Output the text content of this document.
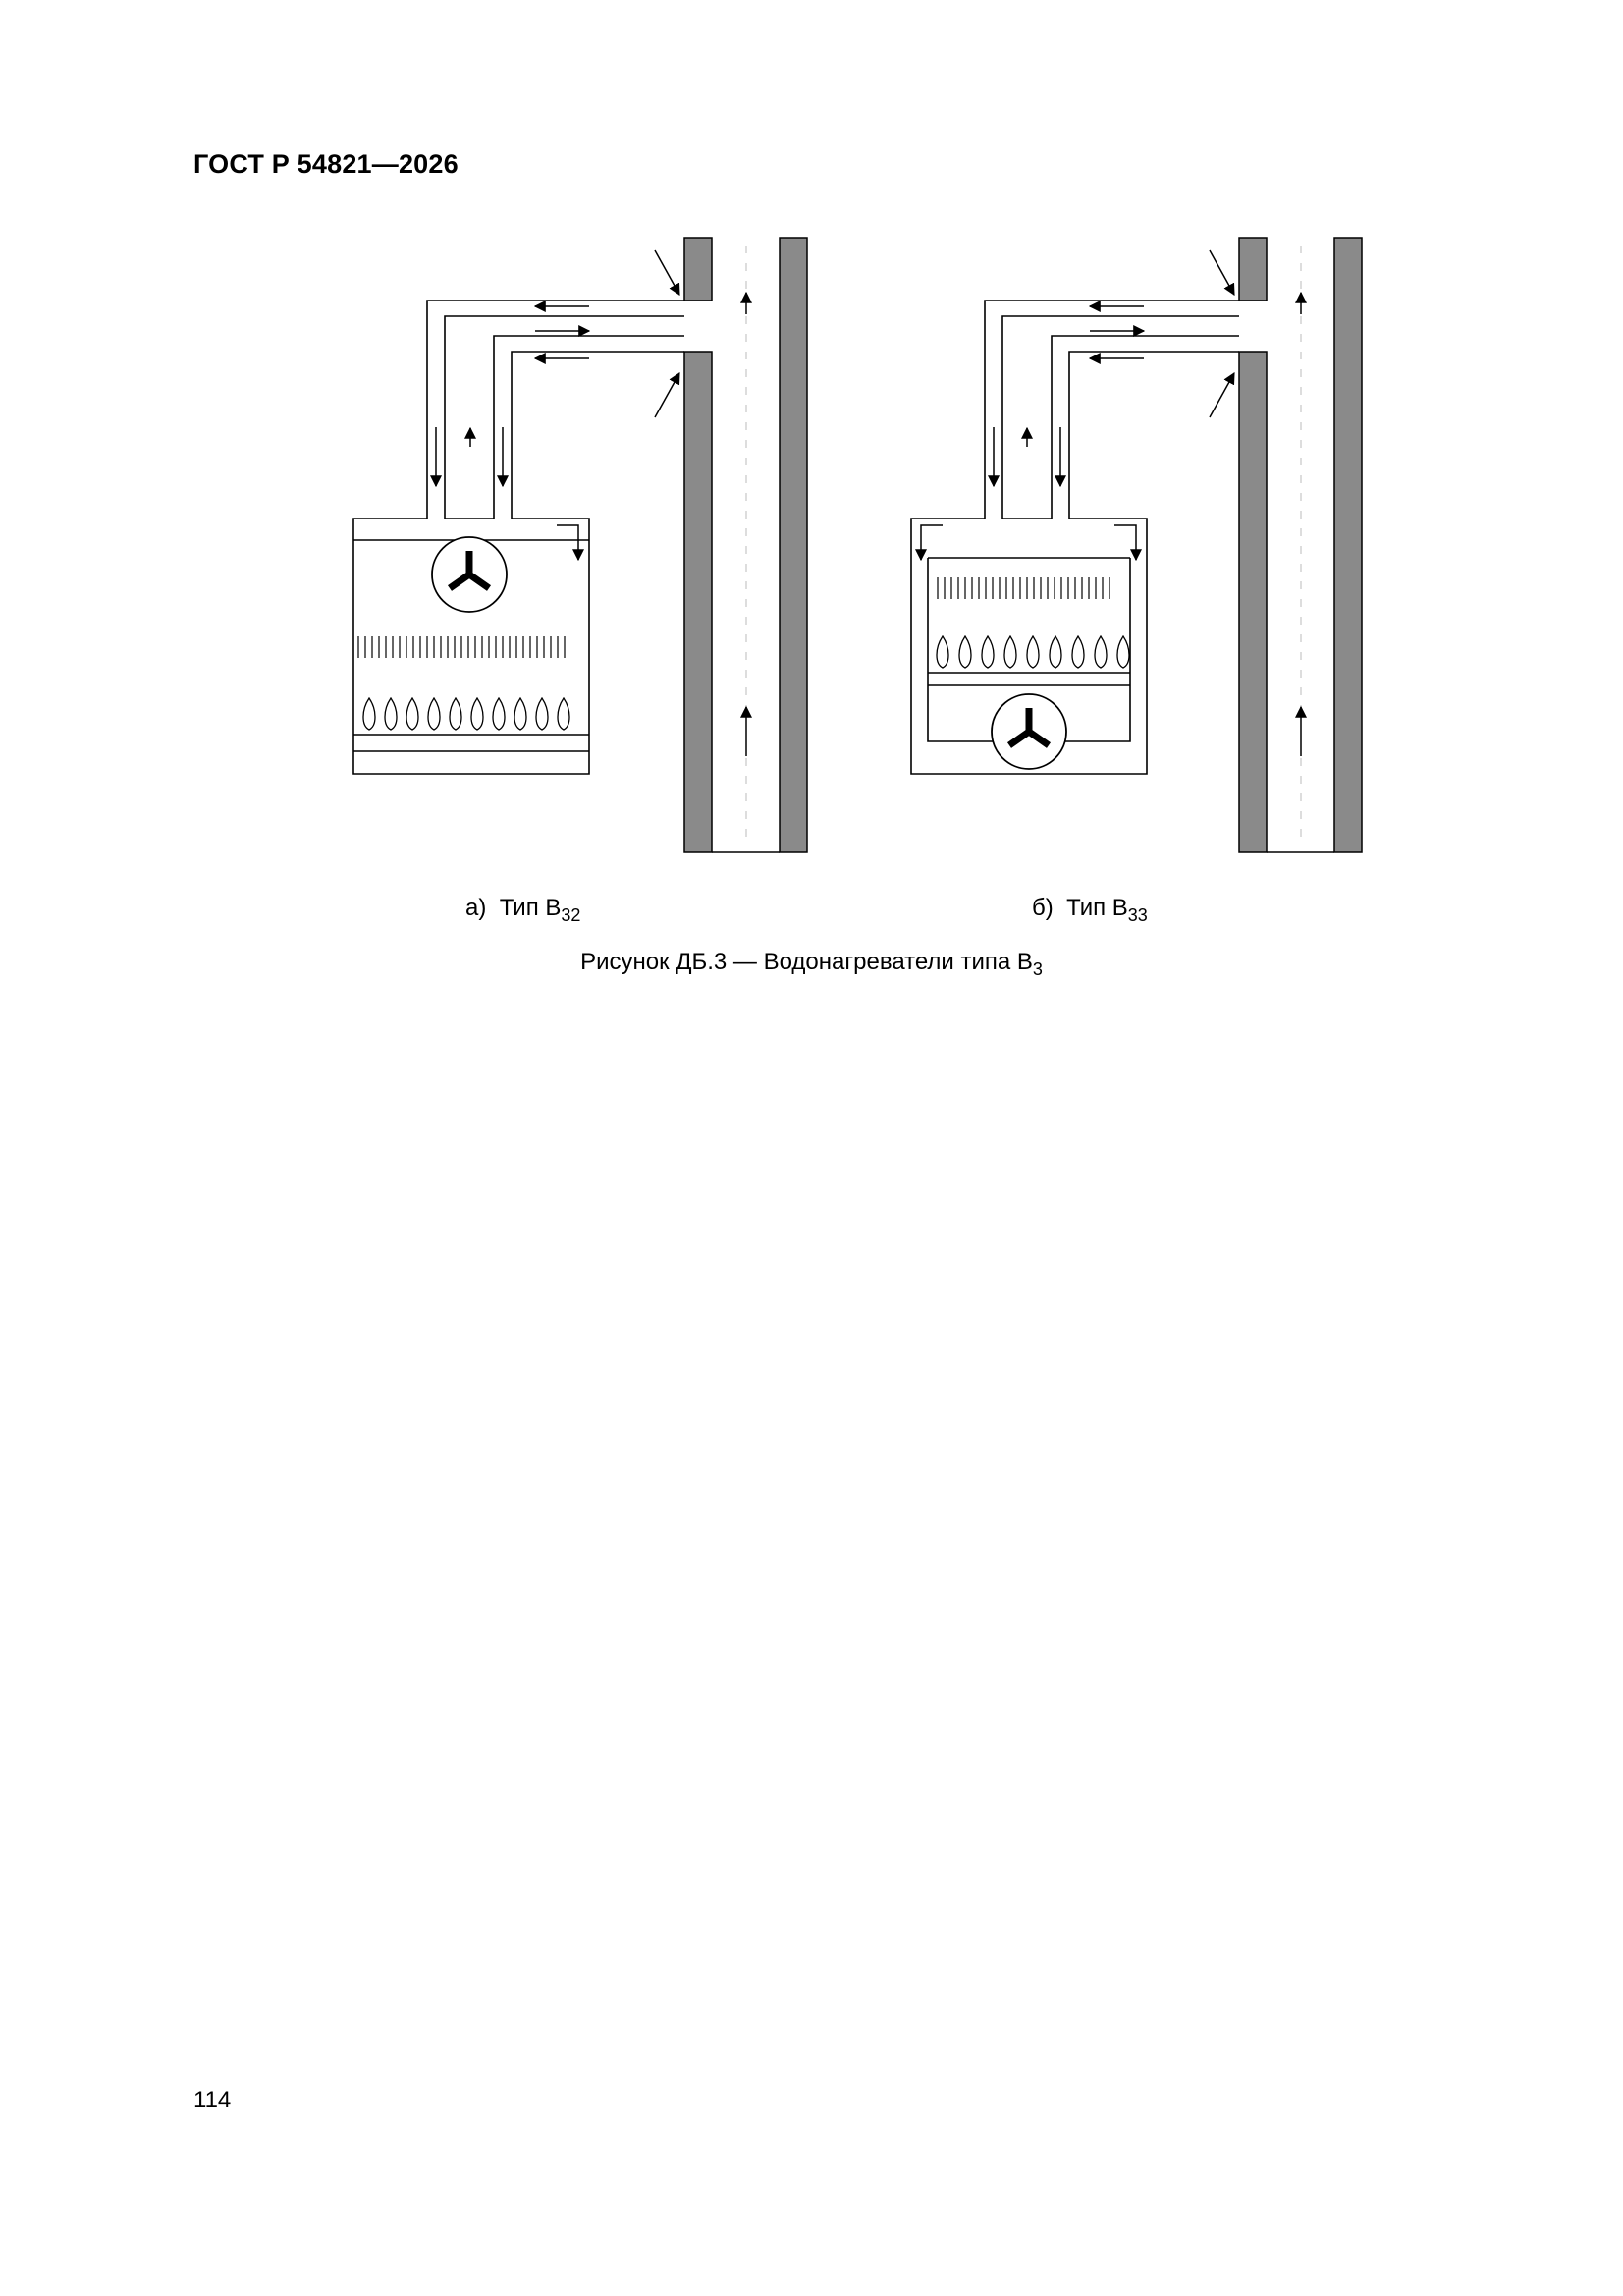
ГОСТ Р 54821—2026
а) Тип $В_{32}$	б) Тип $В_{33}$
Рисунок ДБ.3 — Водонагреватели типа $В_3$
114
